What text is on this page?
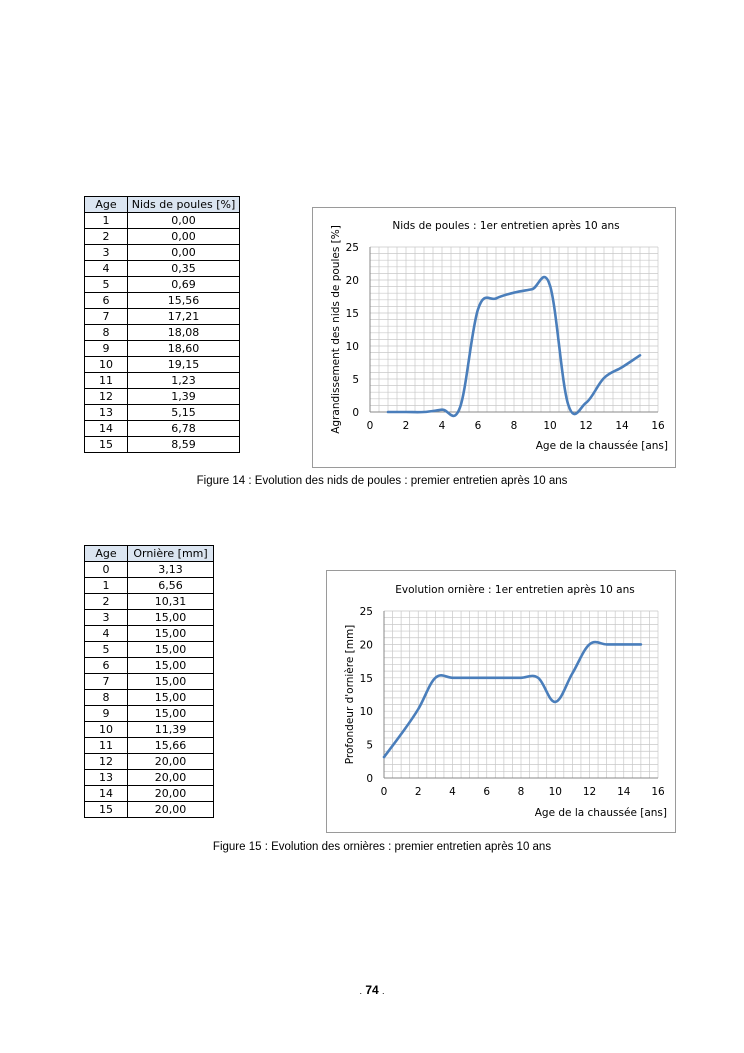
Age	Nids de poules [%]
1	0,00
2	0,00
3	0,00
4	0,35
5	0,69
6	15,56
7	17,21
8	18,08
9	18,60
10	19,15
11	1,23
12	1,39
13	5,15
14	6,78
15	8,59
0	2	4	6	8 10 12 14 16
0
5
10
15
20
25
Nids de poules : 1er entretien après 10 ans
Age de la chaussée [ans]
Agrandissement des nids de poules [%]
Figure 14 : Evolution des nids de poules : premier entretien après 10 ans
Age	Ornière [mm]
0	3,13
1	6,56
2	10,31
3	15,00
4	15,00
5	15,00
6	15,00
7	15,00
8	15,00
9	15,00
10	11,39
11	15,66
12	20,00
13	20,00
14	20,00
15	20,00
0	2	4	6	8 10 12 14 16
0
5
10
15
20
25
Evolution ornière : 1er entretien après 10 ans
Age de la chaussée [ans]
Profondeur d'ornière [mm]
Figure 15 : Evolution des ornières : premier entretien après 10 ans
. 74 .
